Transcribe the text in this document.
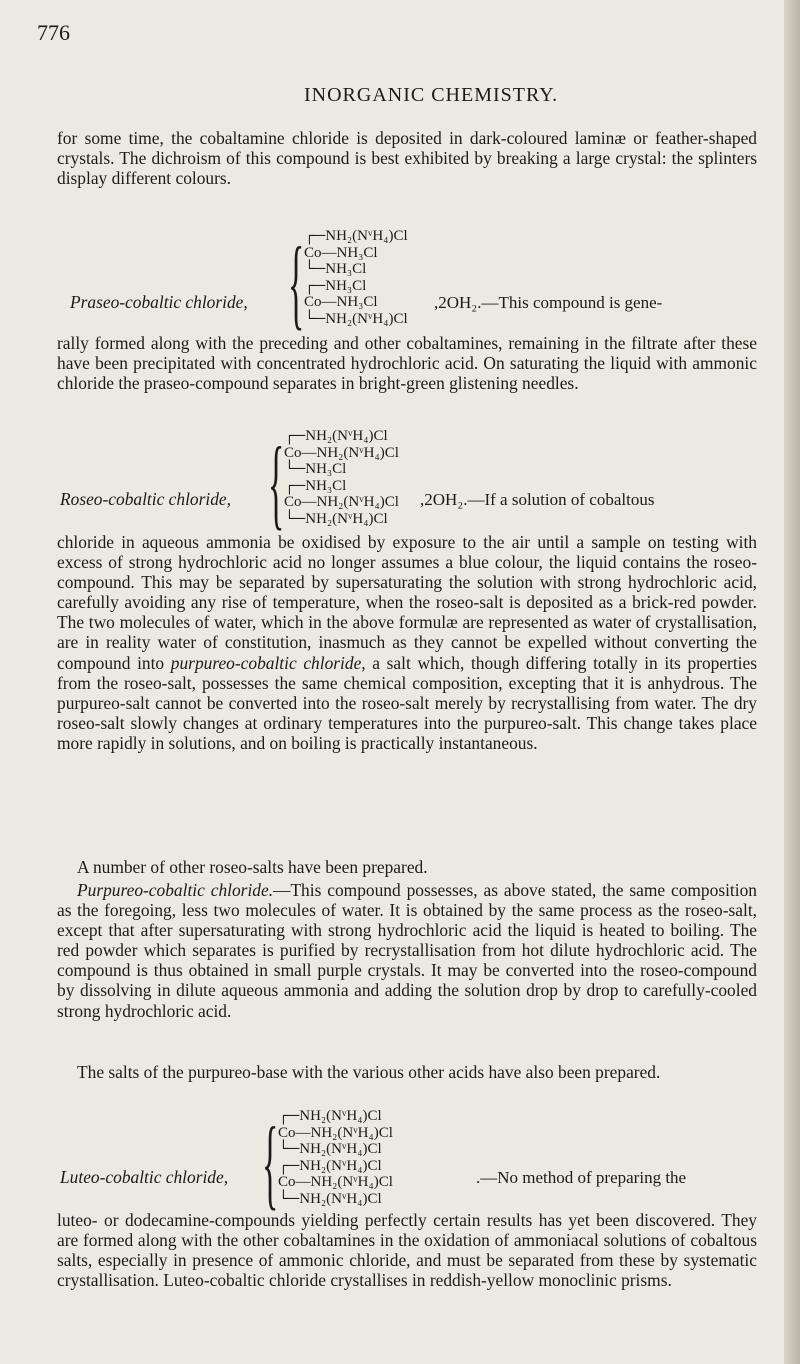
776
INORGANIC CHEMISTRY.

for some time, the cobaltamine chloride is deposited in dark-coloured laminæ or feather-shaped crystals. The dichroism of this compound is best exhibited by breaking a large crystal: the splinters display different colours.

Praseo-cobaltic chloride, { ┌─NH₂(NᵛH₄)Cl
Co—NH₃Cl
└─NH₃Cl
┌─NH₃Cl
Co—NH₃Cl
└─NH₂(NᵛH₄)Cl
,2OH₂.—This compound is gene-

rally formed along with the preceding and other cobaltamines, remaining in the filtrate after these have been precipitated with concentrated hydrochloric acid. On saturating the liquid with ammonic chloride the praseo-compound separates in bright-green glistening needles.

Roseo-cobaltic chloride, { ┌─NH₂(NᵛH₄)Cl
Co—NH₂(NᵛH₄)Cl
└─NH₃Cl
┌─NH₃Cl
Co—NH₂(NᵛH₄)Cl
└─NH₂(NᵛH₄)Cl
,2OH₂.—If a solution of cobaltous

chloride in aqueous ammonia be oxidised by exposure to the air until a sample on testing with excess of strong hydrochloric acid no longer assumes a blue colour, the liquid contains the roseo-compound. This may be separated by supersaturating the solution with strong hydrochloric acid, carefully avoiding any rise of temperature, when the roseo-salt is deposited as a brick-red powder. The two molecules of water, which in the above formulæ are represented as water of crystallisation, are in reality water of constitution, inasmuch as they cannot be expelled without converting the compound into purpureo-cobaltic chloride, a salt which, though differing totally in its properties from the roseo-salt, possesses the same chemical composition, excepting that it is anhydrous. The purpureo-salt cannot be converted into the roseo-salt merely by recrystallising from water. The dry roseo-salt slowly changes at ordinary temperatures into the purpureo-salt. This change takes place more rapidly in solutions, and on boiling is practically instantaneous.

A number of other roseo-salts have been prepared.

Purpureo-cobaltic chloride.—This compound possesses, as above stated, the same composition as the foregoing, less two molecules of water. It is obtained by the same process as the roseo-salt, except that after supersaturating with strong hydrochloric acid the liquid is heated to boiling. The red powder which separates is purified by recrystallisation from hot dilute hydrochloric acid. The compound is thus obtained in small purple crystals. It may be converted into the roseo-compound by dissolving in dilute aqueous ammonia and adding the solution drop by drop to carefully-cooled strong hydrochloric acid.

The salts of the purpureo-base with the various other acids have also been prepared.

Luteo-cobaltic chloride, { ┌─NH₂(NᵛH₄)Cl
Co—NH₂(NᵛH₄)Cl
└─NH₂(NᵛH₄)Cl
┌─NH₂(NᵛH₄)Cl
Co—NH₂(NᵛH₄)Cl
└─NH₂(NᵛH₄)Cl
.—No method of preparing the

luteo- or dodecamine-compounds yielding perfectly certain results has yet been discovered. They are formed along with the other cobaltamines in the oxidation of ammoniacal solutions of cobaltous salts, especially in presence of ammonic chloride, and must be separated from these by systematic crystallisation. Luteo-cobaltic chloride crystallises in reddish-yellow monoclinic prisms.
